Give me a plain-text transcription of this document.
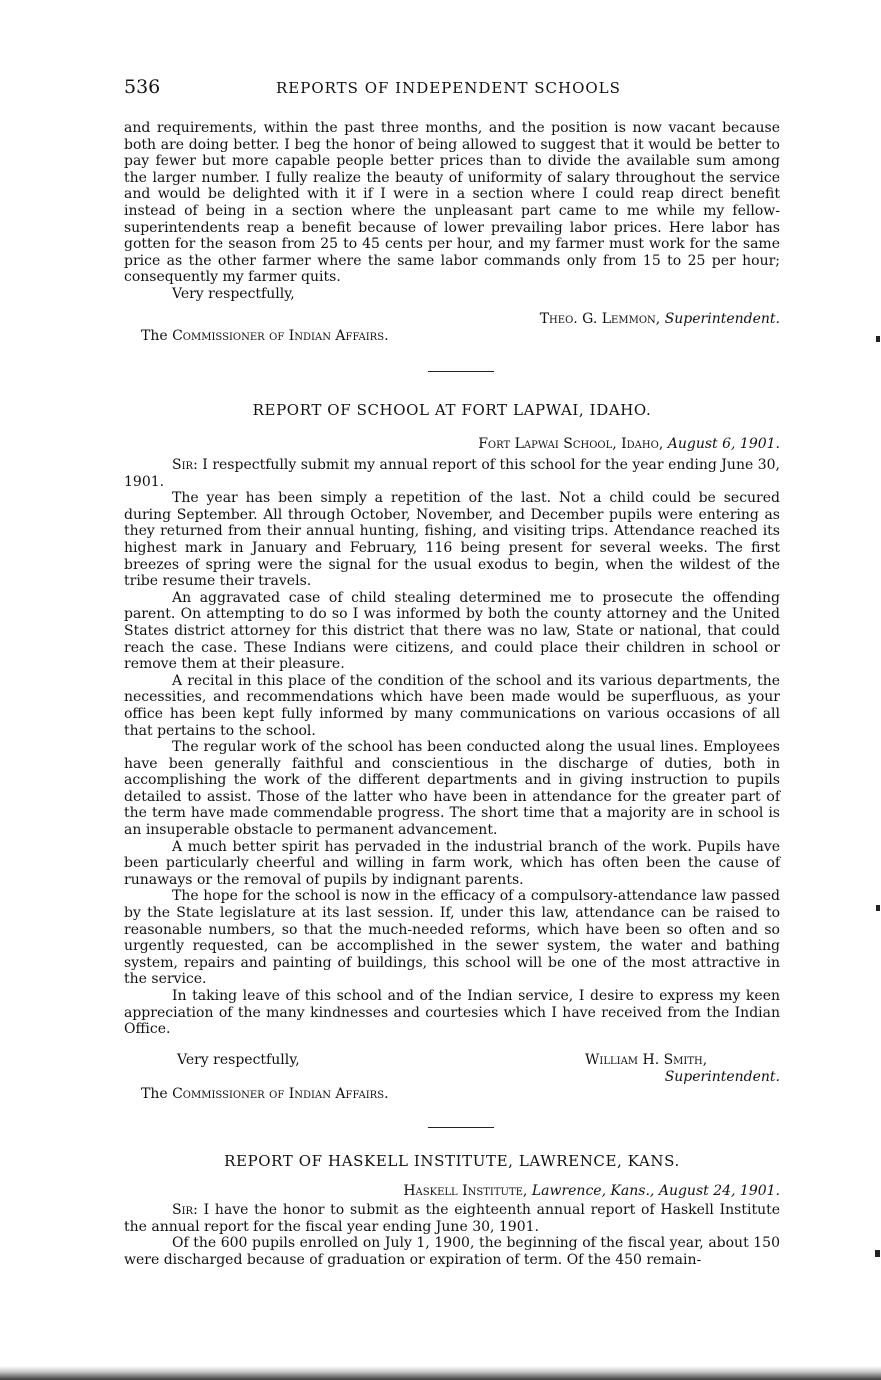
536	REPORTS OF INDEPENDENT SCHOOLS

and requirements, within the past three months, and the position is now vacant because both are doing better. I beg the honor of being allowed to suggest that it would be better to pay fewer but more capable people better prices than to divide the available sum among the larger number. I fully realize the beauty of uniformity of salary throughout the service and would be delighted with it if I were in a section where I could reap direct benefit instead of being in a section where the unpleasant part came to me while my fellow-superintendents reap a benefit because of lower prevailing labor prices. Here labor has gotten for the season from 25 to 45 cents per hour, and my farmer must work for the same price as the other farmer where the same labor commands only from 15 to 25 per hour; consequently my farmer quits.

Very respectfully,

Theo. G. Lemmon, Superintendent.
The Commissioner of Indian Affairs.
REPORT OF SCHOOL AT FORT LAPWAI, IDAHO.
Fort Lapwai School, Idaho, August 6, 1901.

Sir: I respectfully submit my annual report of this school for the year ending June 30, 1901.

The year has been simply a repetition of the last. Not a child could be secured during September. All through October, November, and December pupils were entering as they returned from their annual hunting, fishing, and visiting trips. Attendance reached its highest mark in January and February, 116 being present for several weeks. The first breezes of spring were the signal for the usual exodus to begin, when the wildest of the tribe resume their travels.

An aggravated case of child stealing determined me to prosecute the offending parent. On attempting to do so I was informed by both the county attorney and the United States district attorney for this district that there was no law, State or national, that could reach the case. These Indians were citizens, and could place their children in school or remove them at their pleasure.

A recital in this place of the condition of the school and its various departments, the necessities, and recommendations which have been made would be superfluous, as your office has been kept fully informed by many communications on various occasions of all that pertains to the school.

The regular work of the school has been conducted along the usual lines. Employees have been generally faithful and conscientious in the discharge of duties, both in accomplishing the work of the different departments and in giving instruction to pupils detailed to assist. Those of the latter who have been in attendance for the greater part of the term have made commendable progress. The short time that a majority are in school is an insuperable obstacle to permanent advancement.

A much better spirit has pervaded in the industrial branch of the work. Pupils have been particularly cheerful and willing in farm work, which has often been the cause of runaways or the removal of pupils by indignant parents.

The hope for the school is now in the efficacy of a compulsory-attendance law passed by the State legislature at its last session. If, under this law, attendance can be raised to reasonable numbers, so that the much-needed reforms, which have been so often and so urgently requested, can be accomplished in the sewer system, the water and bathing system, repairs and painting of buildings, this school will be one of the most attractive in the service.

In taking leave of this school and of the Indian service, I desire to express my keen appreciation of the many kindnesses and courtesies which I have received from the Indian Office.

Very respectfully,	William H. Smith,
Superintendent.
The Commissioner of Indian Affairs.
REPORT OF HASKELL INSTITUTE, LAWRENCE, KANS.
Haskell Institute, Lawrence, Kans., August 24, 1901.

Sir: I have the honor to submit as the eighteenth annual report of Haskell Institute the annual report for the fiscal year ending June 30, 1901.

Of the 600 pupils enrolled on July 1, 1900, the beginning of the fiscal year, about 150 were discharged because of graduation or expiration of term. Of the 450 remain-
